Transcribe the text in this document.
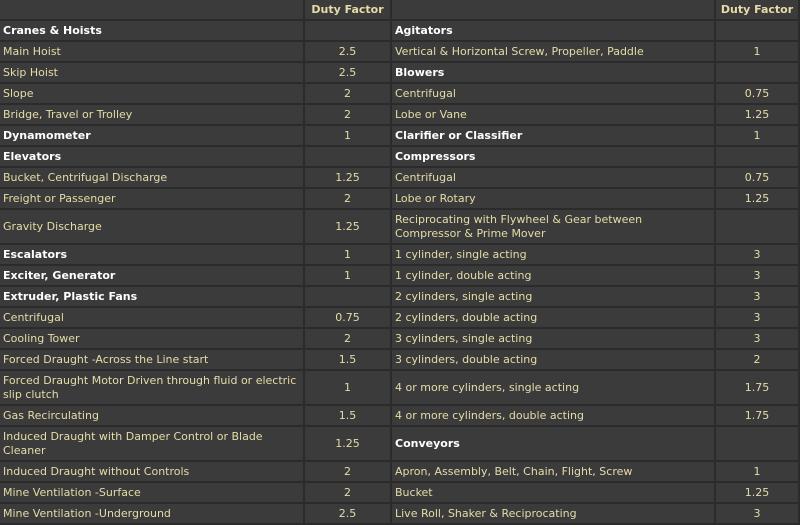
	Duty Factor		Duty Factor
Cranes & Hoists		Agitators	
Main Hoist	2.5	Vertical & Horizontal Screw, Propeller, Paddle	1
Skip Hoist	2.5	Blowers	
Slope	2	Centrifugal	0.75
Bridge, Travel or Trolley	2	Lobe or Vane	1.25
Dynamometer	1	Clarifier or Classifier	1
Elevators		Compressors	
Bucket, Centrifugal Discharge	1.25	Centrifugal	0.75
Freight or Passenger	2	Lobe or Rotary	1.25
Gravity Discharge	1.25	Reciprocating with Flywheel & Gear between Compressor & Prime Mover	
Escalators	1	1 cylinder, single acting	3
Exciter, Generator	1	1 cylinder, double acting	3
Extruder, Plastic Fans		2 cylinders, single acting	3
Centrifugal	0.75	2 cylinders, double acting	3
Cooling Tower	2	3 cylinders, single acting	3
Forced Draught -Across the Line start	1.5	3 cylinders, double acting	2
Forced Draught Motor Driven through fluid or electric slip clutch	1	4 or more cylinders, single acting	1.75
Gas Recirculating	1.5	4 or more cylinders, double acting	1.75
Induced Draught with Damper Control or Blade Cleaner	1.25	Conveyors	
Induced Draught without Controls	2	Apron, Assembly, Belt, Chain, Flight, Screw	1
Mine Ventilation -Surface	2	Bucket	1.25
Mine Ventilation -Underground	2.5	Live Roll, Shaker & Reciprocating	3
